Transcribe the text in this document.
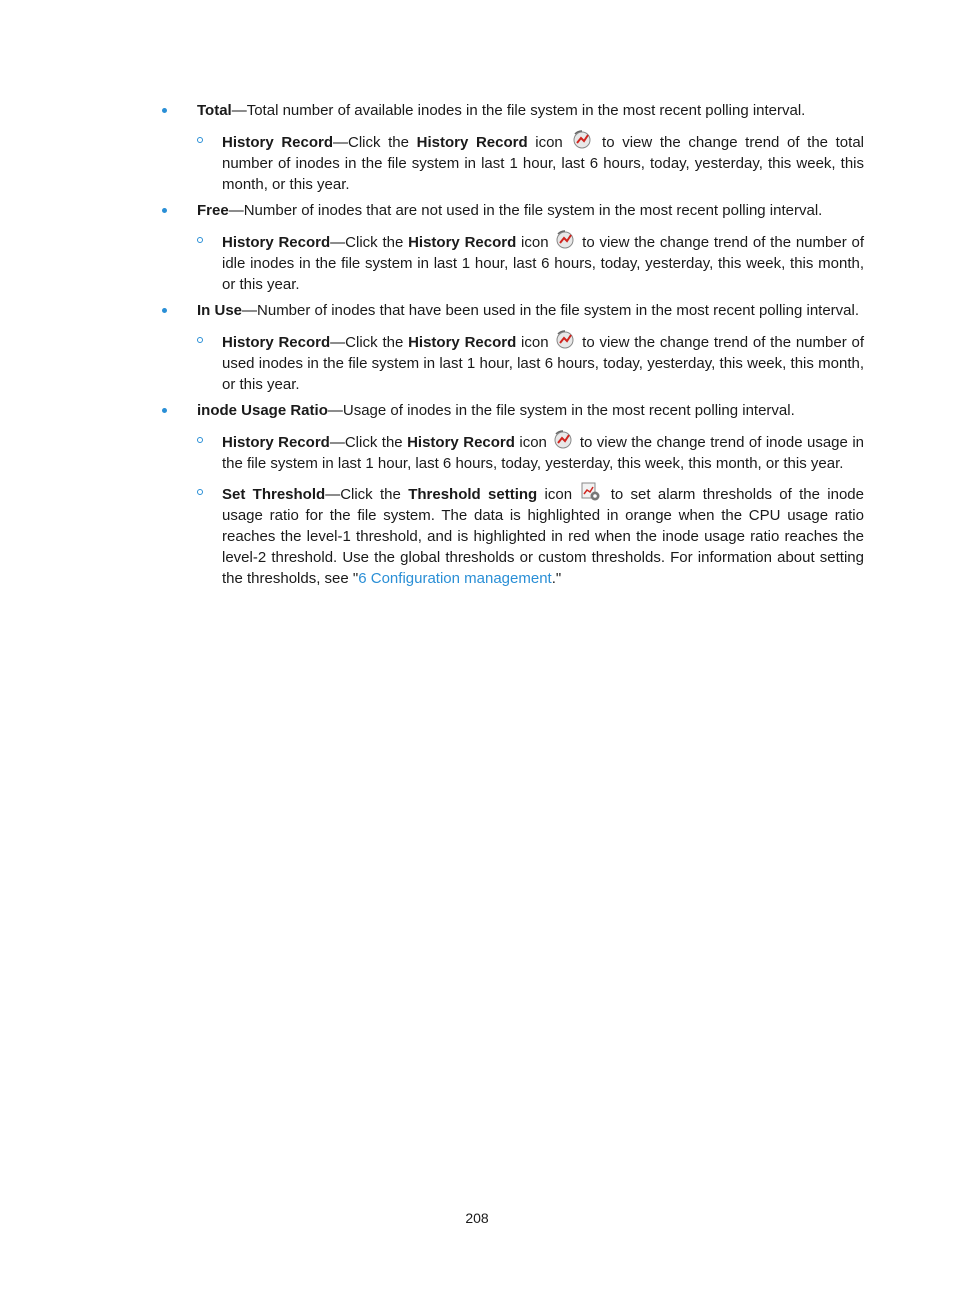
Total—Total number of available inodes in the file system in the most recent polling interval.
History Record—Click the History Record icon  to view the change trend of the total number of inodes in the file system in last 1 hour, last 6 hours, today, yesterday, this week, this month, or this year.
Free—Number of inodes that are not used in the file system in the most recent polling interval.
History Record—Click the History Record icon  to view the change trend of the number of idle inodes in the file system in last 1 hour, last 6 hours, today, yesterday, this week, this month, or this year.
In Use—Number of inodes that have been used in the file system in the most recent polling interval.
History Record—Click the History Record icon  to view the change trend of the number of used inodes in the file system in last 1 hour, last 6 hours, today, yesterday, this week, this month, or this year.
inode Usage Ratio—Usage of inodes in the file system in the most recent polling interval.
History Record—Click the History Record icon  to view the change trend of inode usage in the file system in last 1 hour, last 6 hours, today, yesterday, this week, this month, or this year.
Set Threshold—Click the Threshold setting icon  to set alarm thresholds of the inode usage ratio for the file system. The data is highlighted in orange when the CPU usage ratio reaches the level-1 threshold, and is highlighted in red when the inode usage ratio reaches the level-2 threshold. Use the global thresholds or custom thresholds. For information about setting the thresholds, see "6 Configuration management."
208
